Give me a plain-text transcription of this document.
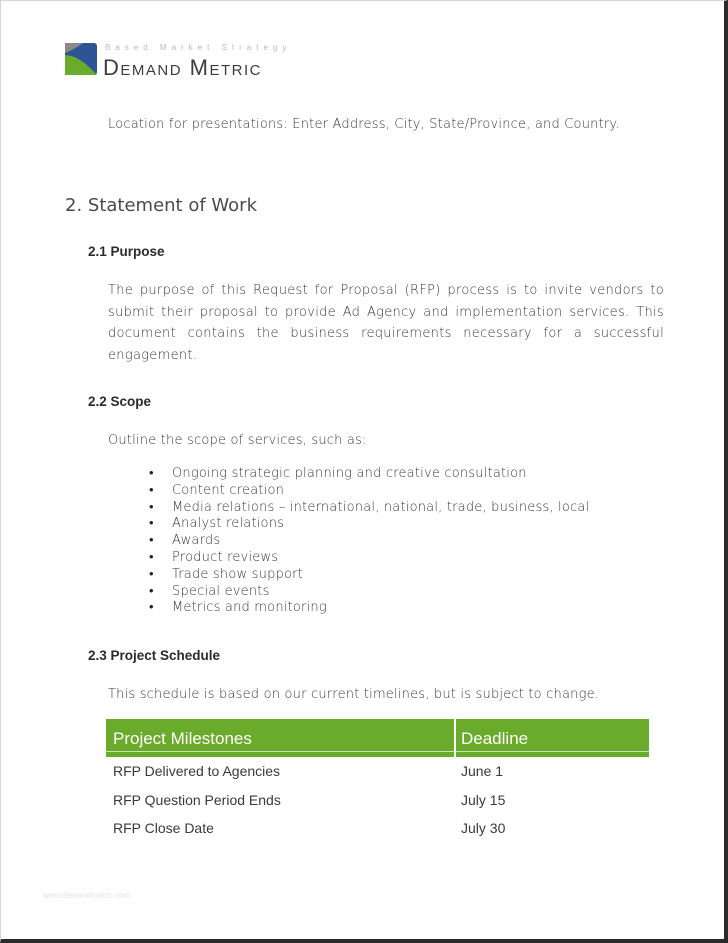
Based Market Strategy
Demand Metric
Location for presentations: Enter Address, City, State/Province, and Country.
2. Statement of Work
2.1 Purpose
The purpose of this Request for Proposal (RFP) process is to invite vendors to submit their proposal to provide Ad Agency and implementation services. This document contains the business requirements necessary for a successful engagement.
2.2 Scope
Outline the scope of services, such as:
• Ongoing strategic planning and creative consultation
• Content creation
• Media relations – international, national, trade, business, local
• Analyst relations
• Awards
• Product reviews
• Trade show support
• Special events
• Metrics and monitoring
2.3 Project Schedule
This schedule is based on our current timelines, but is subject to change.
Project Milestones	Deadline
RFP Delivered to Agencies	June 1
RFP Question Period Ends	July 15
RFP Close Date	July 30
www.demandmetric.com
